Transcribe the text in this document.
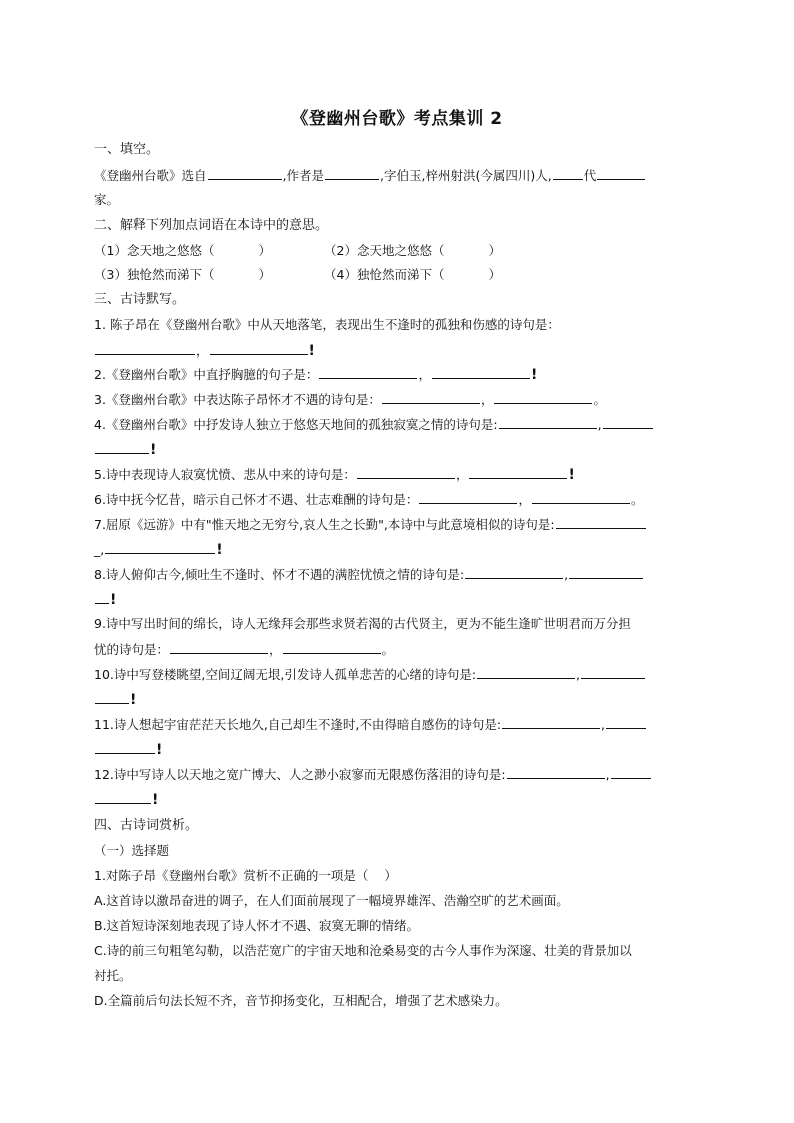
《登幽州台歌》考点集训 2
一、填空。
《登幽州台歌》选自	,作者是	,字伯玉,梓州射洪(今属四川)人,	代
家。
二、解释下列加点词语在本诗中的意思。
（1）念天地之悠悠（	）	（2）念天地之悠悠（	）
（3）独怆然而涕下（	）	（4）独怆然而涕下（	）
三、古诗默写。
1. 陈子昂在《登幽州台歌》中从天地落笔，表现出生不逢时的孤独和伤感的诗句是：
，	!
2.《登幽州台歌》中直抒胸臆的句子是：	，	!
3.《登幽州台歌》中表达陈子昂怀才不遇的诗句是：	，	。
4.《登幽州台歌》中抒发诗人独立于悠悠天地间的孤独寂寞之情的诗句是:	,
!
5.诗中表现诗人寂寞忧愤、悲从中来的诗句是：	，	!
6.诗中抚今忆昔，暗示自己怀才不遇、壮志难酬的诗句是：	，	。
7.屈原《远游》中有"惟天地之无穷兮,哀人生之长勤",本诗中与此意境相似的诗句是:
_,	!
8.诗人俯仰古今,倾吐生不逢时、怀才不遇的满腔忧愤之情的诗句是:	,
!
9.诗中写出时间的绵长，诗人无缘拜会那些求贤若渴的古代贤主，更为不能生逢旷世明君而万分担
忧的诗句是：	，	。
10.诗中写登楼眺望,空间辽阔无垠,引发诗人孤单悲苦的心绪的诗句是:	,
!
11.诗人想起宇宙茫茫天长地久,自己却生不逢时,不由得暗自感伤的诗句是:	,
!
12.诗中写诗人以天地之宽广博大、人之渺小寂寥而无限感伤落泪的诗句是:	,
!
四、古诗词赏析。
（一）选择题
1.对陈子昂《登幽州台歌》赏析不正确的一项是（    ）
A.这首诗以激昂奋进的调子，在人们面前展现了一幅境界雄浑、浩瀚空旷的艺术画面。
B.这首短诗深刻地表现了诗人怀才不遇、寂寞无聊的情绪。
C.诗的前三句粗笔勾勒，以浩茫宽广的宇宙天地和沧桑易变的古今人事作为深邃、壮美的背景加以
衬托。
D.全篇前后句法长短不齐，音节抑扬变化，互相配合，增强了艺术感染力。
